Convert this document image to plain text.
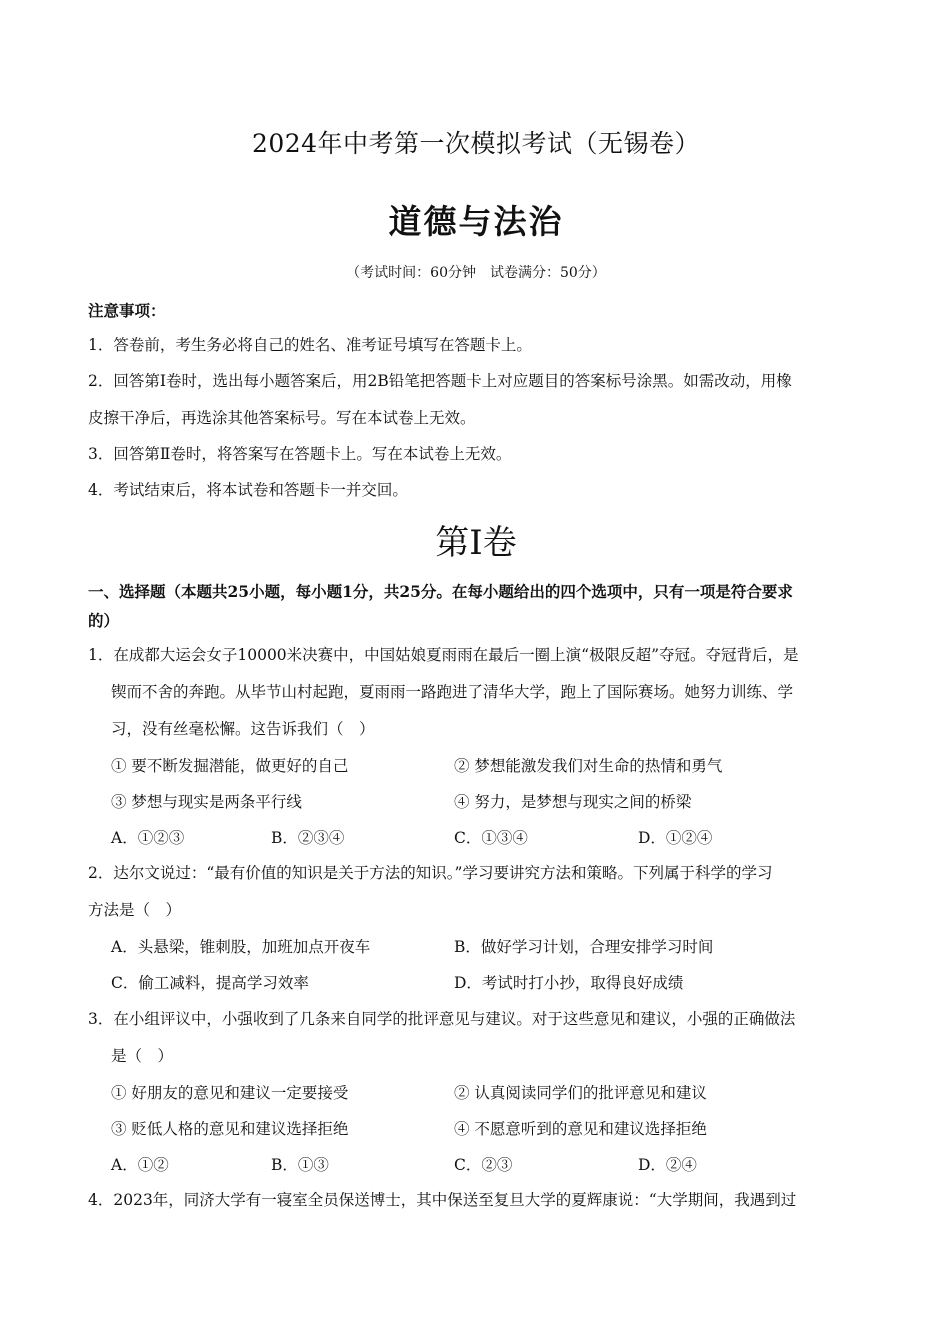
2024年中考第一次模拟考试（无锡卷）
道德与法治
（考试时间：60分钟　试卷满分：50分）
注意事项：
1．答卷前，考生务必将自己的姓名、准考证号填写在答题卡上。
2．回答第Ⅰ卷时，选出每小题答案后，用2B铅笔把答题卡上对应题目的答案标号涂黑。如需改动，用橡
皮擦干净后，再选涂其他答案标号。写在本试卷上无效。
3．回答第Ⅱ卷时，将答案写在答题卡上。写在本试卷上无效。
4．考试结束后，将本试卷和答题卡一并交回。
第Ⅰ卷
一、选择题（本题共25小题，每小题1分，共25分。在每小题给出的四个选项中，只有一项是符合要求
的）
1．在成都大运会女子10000米决赛中，中国姑娘夏雨雨在最后一圈上演“极限反超”夺冠。夺冠背后，是
锲而不舍的奔跑。从毕节山村起跑，夏雨雨一路跑进了清华大学，跑上了国际赛场。她努力训练、学
习，没有丝毫松懈。这告诉我们（　）
① 要不断发掘潜能，做更好的自己	② 梦想能激发我们对生命的热情和勇气
③ 梦想与现实是两条平行线	④ 努力，是梦想与现实之间的桥梁
A．①②③	B．②③④	C．①③④	D．①②④
2．达尔文说过：“最有价值的知识是关于方法的知识。”学习要讲究方法和策略。下列属于科学的学习
方法是（　）
A．头悬梁，锥刺股，加班加点开夜车	B．做好学习计划，合理安排学习时间
C．偷工减料，提高学习效率	D．考试时打小抄，取得良好成绩
3．在小组评议中，小强收到了几条来自同学的批评意见与建议。对于这些意见和建议，小强的正确做法
是（　）
① 好朋友的意见和建议一定要接受	② 认真阅读同学们的批评意见和建议
③ 贬低人格的意见和建议选择拒绝	④ 不愿意听到的意见和建议选择拒绝
A．①②	B．①③	C．②③	D．②④
4．2023年，同济大学有一寝室全员保送博士，其中保送至复旦大学的夏辉康说：“大学期间，我遇到过
